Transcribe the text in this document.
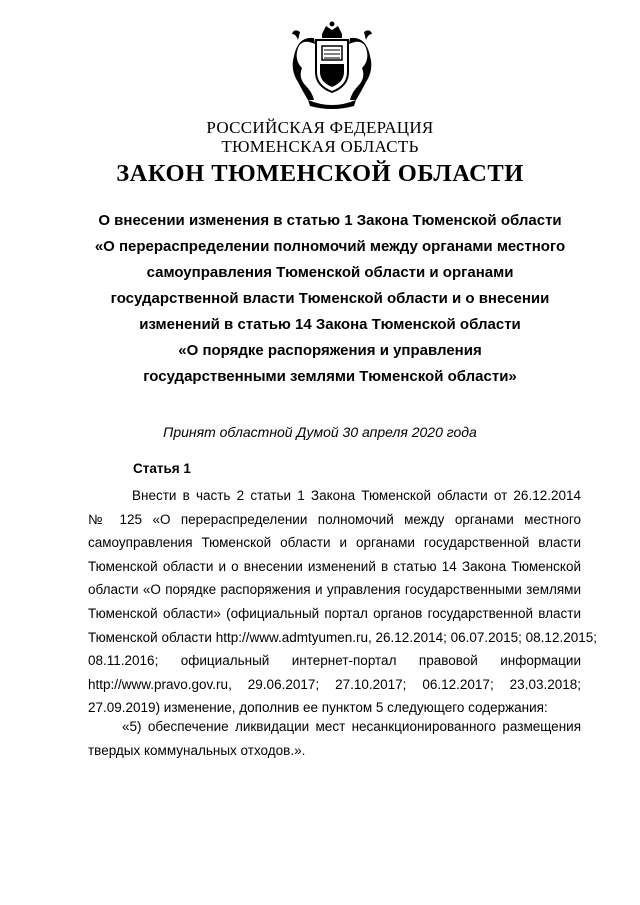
РОССИЙСКАЯ ФЕДЕРАЦИЯ
ТЮМЕНСКАЯ ОБЛАСТЬ
ЗАКОН ТЮМЕНСКОЙ ОБЛАСТИ
О внесении изменения в статью 1 Закона Тюменской области
«О перераспределении полномочий между органами местного
самоуправления Тюменской области и органами
государственной власти Тюменской области и о внесении
изменений в статью 14 Закона Тюменской области
«О порядке распоряжения и управления
государственными землями Тюменской области»
Принят областной Думой 30 апреля 2020 года
Статья 1
Внести в часть 2 статьи 1 Закона Тюменской области от 26.12.2014
№ 125 «О перераспределении полномочий между органами местного
самоуправления Тюменской области и органами государственной власти
Тюменской области и о внесении изменений в статью 14 Закона Тюменской
области «О порядке распоряжения и управления государственными землями
Тюменской области» (официальный портал органов государственной власти
Тюменской области http://www.admtyumen.ru, 26.12.2014; 06.07.2015; 08.12.2015;
08.11.2016; официальный интернет-портал правовой информации
http://www.pravo.gov.ru, 29.06.2017; 27.10.2017; 06.12.2017; 23.03.2018;
27.09.2019) изменение, дополнив ее пунктом 5 следующего содержания:
«5) обеспечение ликвидации мест несанкционированного размещения
твердых коммунальных отходов.».
